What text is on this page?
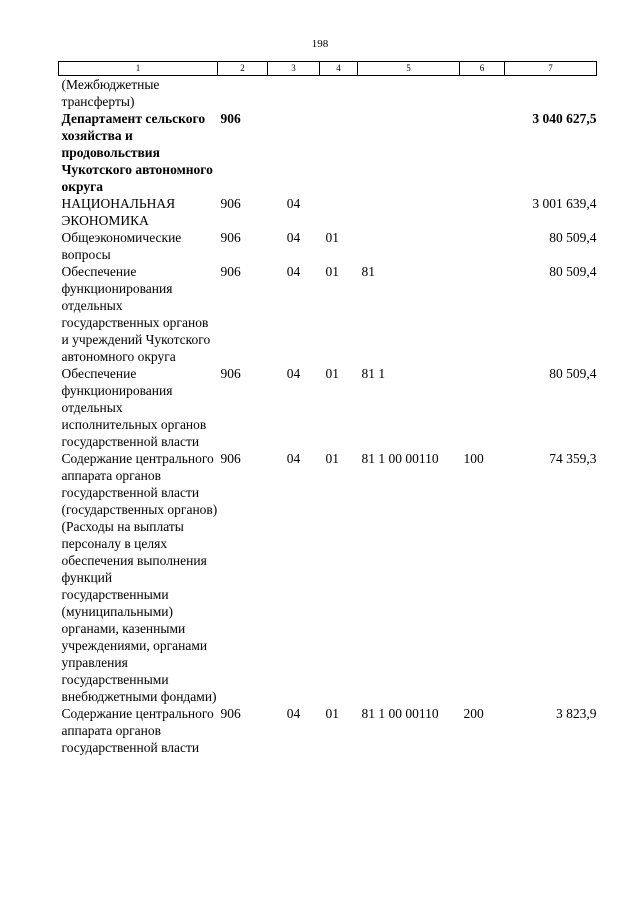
198
1	2	3	4	5	6	7
(Межбюджетные трансферты)						
Департамент сельского хозяйства и продовольствия Чукотского автономного округа	906					3 040 627,5
НАЦИОНАЛЬНАЯ ЭКОНОМИКА	906	04				3 001 639,4
Общеэкономические вопросы	906	04	01			80 509,4
Обеспечение функционирования отдельных государственных органов и учреждений Чукотского автономного округа	906	04	01	81		80 509,4
Обеспечение функционирования отдельных исполнительных органов государственной власти	906	04	01	81 1		80 509,4
Содержание центрального аппарата органов государственной власти (государственных органов) (Расходы на выплаты персоналу в целях обеспечения выполнения функций государственными (муниципальными) органами, казенными учреждениями, органами управления государственными внебюджетными фондами)	906	04	01	81 1 00 00110	100	74 359,3
Содержание центрального аппарата органов государственной власти	906	04	01	81 1 00 00110	200	3 823,9
